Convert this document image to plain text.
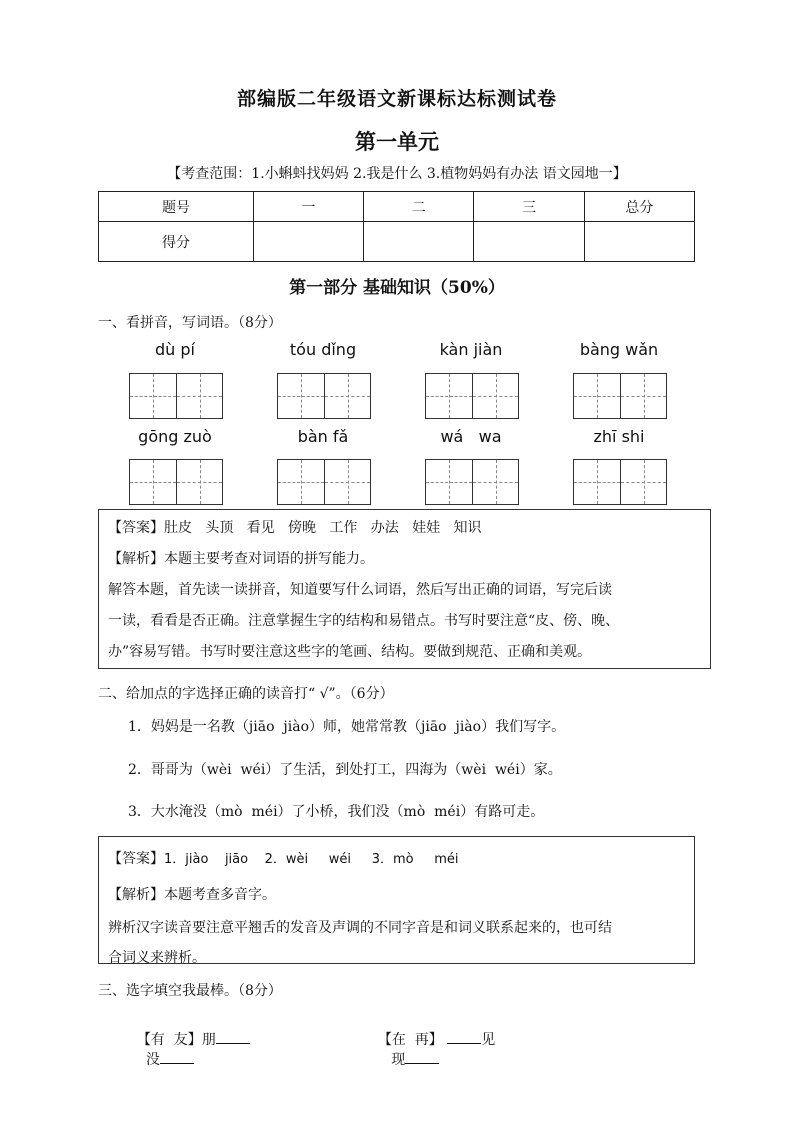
部编版二年级语文新课标达标测试卷
第一单元
【考查范围：1.小蝌蚪找妈妈 2.我是什么 3.植物妈妈有办法 语文园地一】
题号	一	二	三	总分
得分				
第一部分 基础知识（50%）
一、看拼音，写词语。（8分）
dù pí	tóu dǐng	kàn jiàn	bàng wǎn
gōng zuò	bàn fǎ	wá   wa	zhī shi
【答案】肚皮   头顶   看见   傍晚   工作   办法   娃娃   知识
【解析】本题主要考查对词语的拼写能力。
解答本题，首先读一读拼音，知道要写什么词语，然后写出正确的词语，写完后读
一读，看看是否正确。注意掌握生字的结构和易错点。书写时要注意“皮、傍、晚、
办”容易写错。书写时要注意这些字的笔画、结构。要做到规范、正确和美观。
二、给加点的字选择正确的读音打“ √”。（6分）
1．妈妈是一名教（jiāo  jiào）师，她常常教（jiāo  jiào）我们写字。
2．哥哥为（wèi  wéi）了生活，到处打工，四海为（wèi  wéi）家。
3．大水淹没（mò  méi）了小桥，我们没（mò  méi）有路可走。
【答案】1．jiào    jiāo    2．wèi     wéi     3．mò     méi
【解析】本题考查多音字。
辨析汉字读音要注意平翘舌的发音及声调的不同字音是和词义联系起来的，也可结
合词义来辨析。
三、选字填空我最棒。（8分）

【有  友】朋
没

【在  再】	见
现
